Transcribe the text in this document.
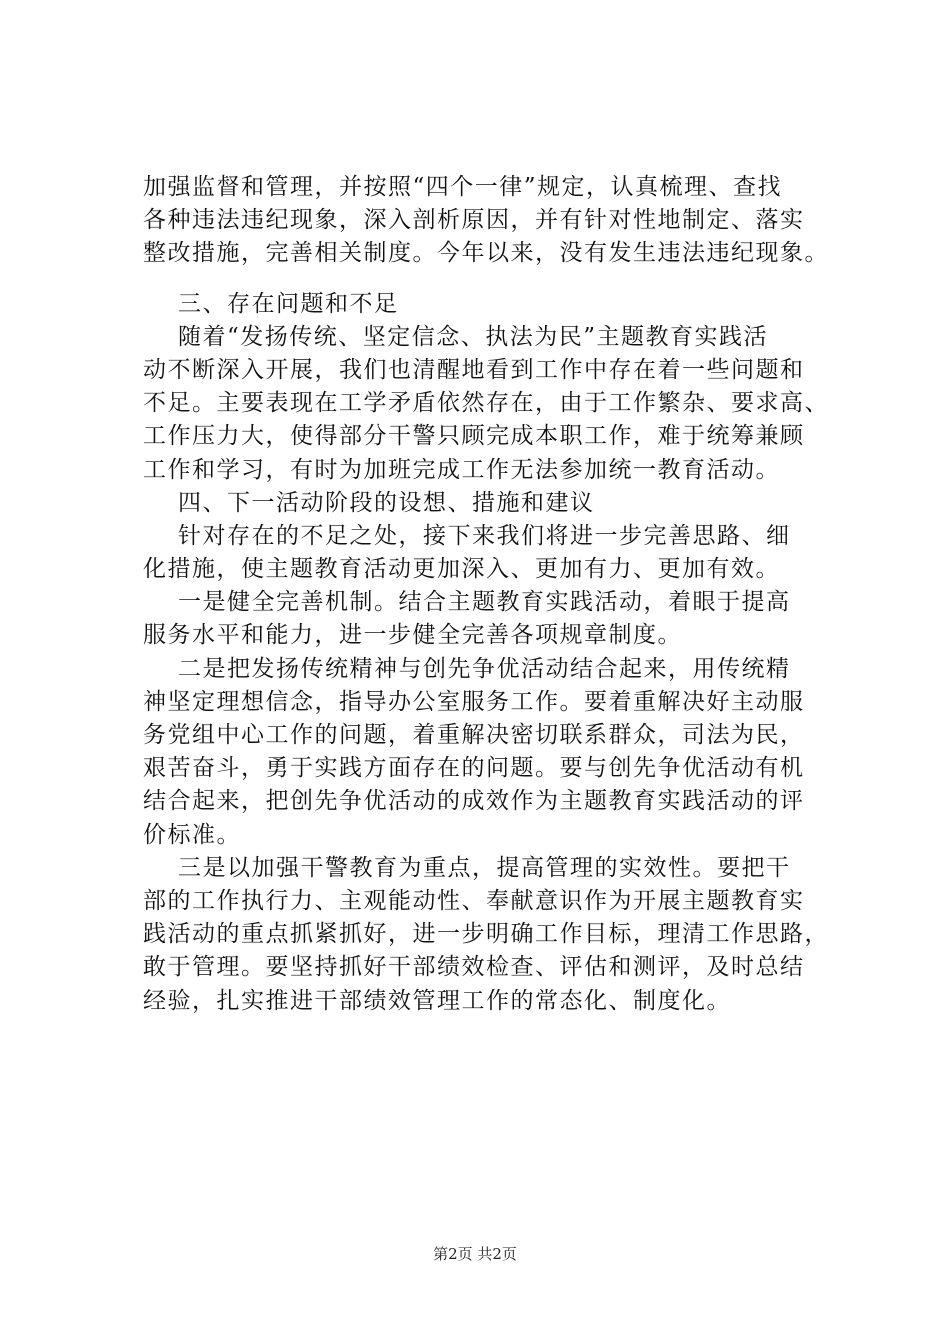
加强监督和管理，并按照“四个一律”规定，认真梳理、查找
各种违法违纪现象，深入剖析原因，并有针对性地制定、落实
整改措施，完善相关制度。今年以来，没有发生违法违纪现象。
三、存在问题和不足
随着“发扬传统、坚定信念、执法为民”主题教育实践活
动不断深入开展，我们也清醒地看到工作中存在着一些问题和
不足。主要表现在工学矛盾依然存在，由于工作繁杂、要求高、
工作压力大，使得部分干警只顾完成本职工作，难于统筹兼顾
工作和学习，有时为加班完成工作无法参加统一教育活动。
四、下一活动阶段的设想、措施和建议
针对存在的不足之处，接下来我们将进一步完善思路、细
化措施，使主题教育活动更加深入、更加有力、更加有效。
一是健全完善机制。结合主题教育实践活动，着眼于提高
服务水平和能力，进一步健全完善各项规章制度。
二是把发扬传统精神与创先争优活动结合起来，用传统精
神坚定理想信念，指导办公室服务工作。要着重解决好主动服
务党组中心工作的问题，着重解决密切联系群众，司法为民，
艰苦奋斗，勇于实践方面存在的问题。要与创先争优活动有机
结合起来，把创先争优活动的成效作为主题教育实践活动的评
价标准。
三是以加强干警教育为重点，提高管理的实效性。要把干
部的工作执行力、主观能动性、奉献意识作为开展主题教育实
践活动的重点抓紧抓好，进一步明确工作目标，理清工作思路，
敢于管理。要坚持抓好干部绩效检查、评估和测评，及时总结
经验，扎实推进干部绩效管理工作的常态化、制度化。
第2页 共2页
